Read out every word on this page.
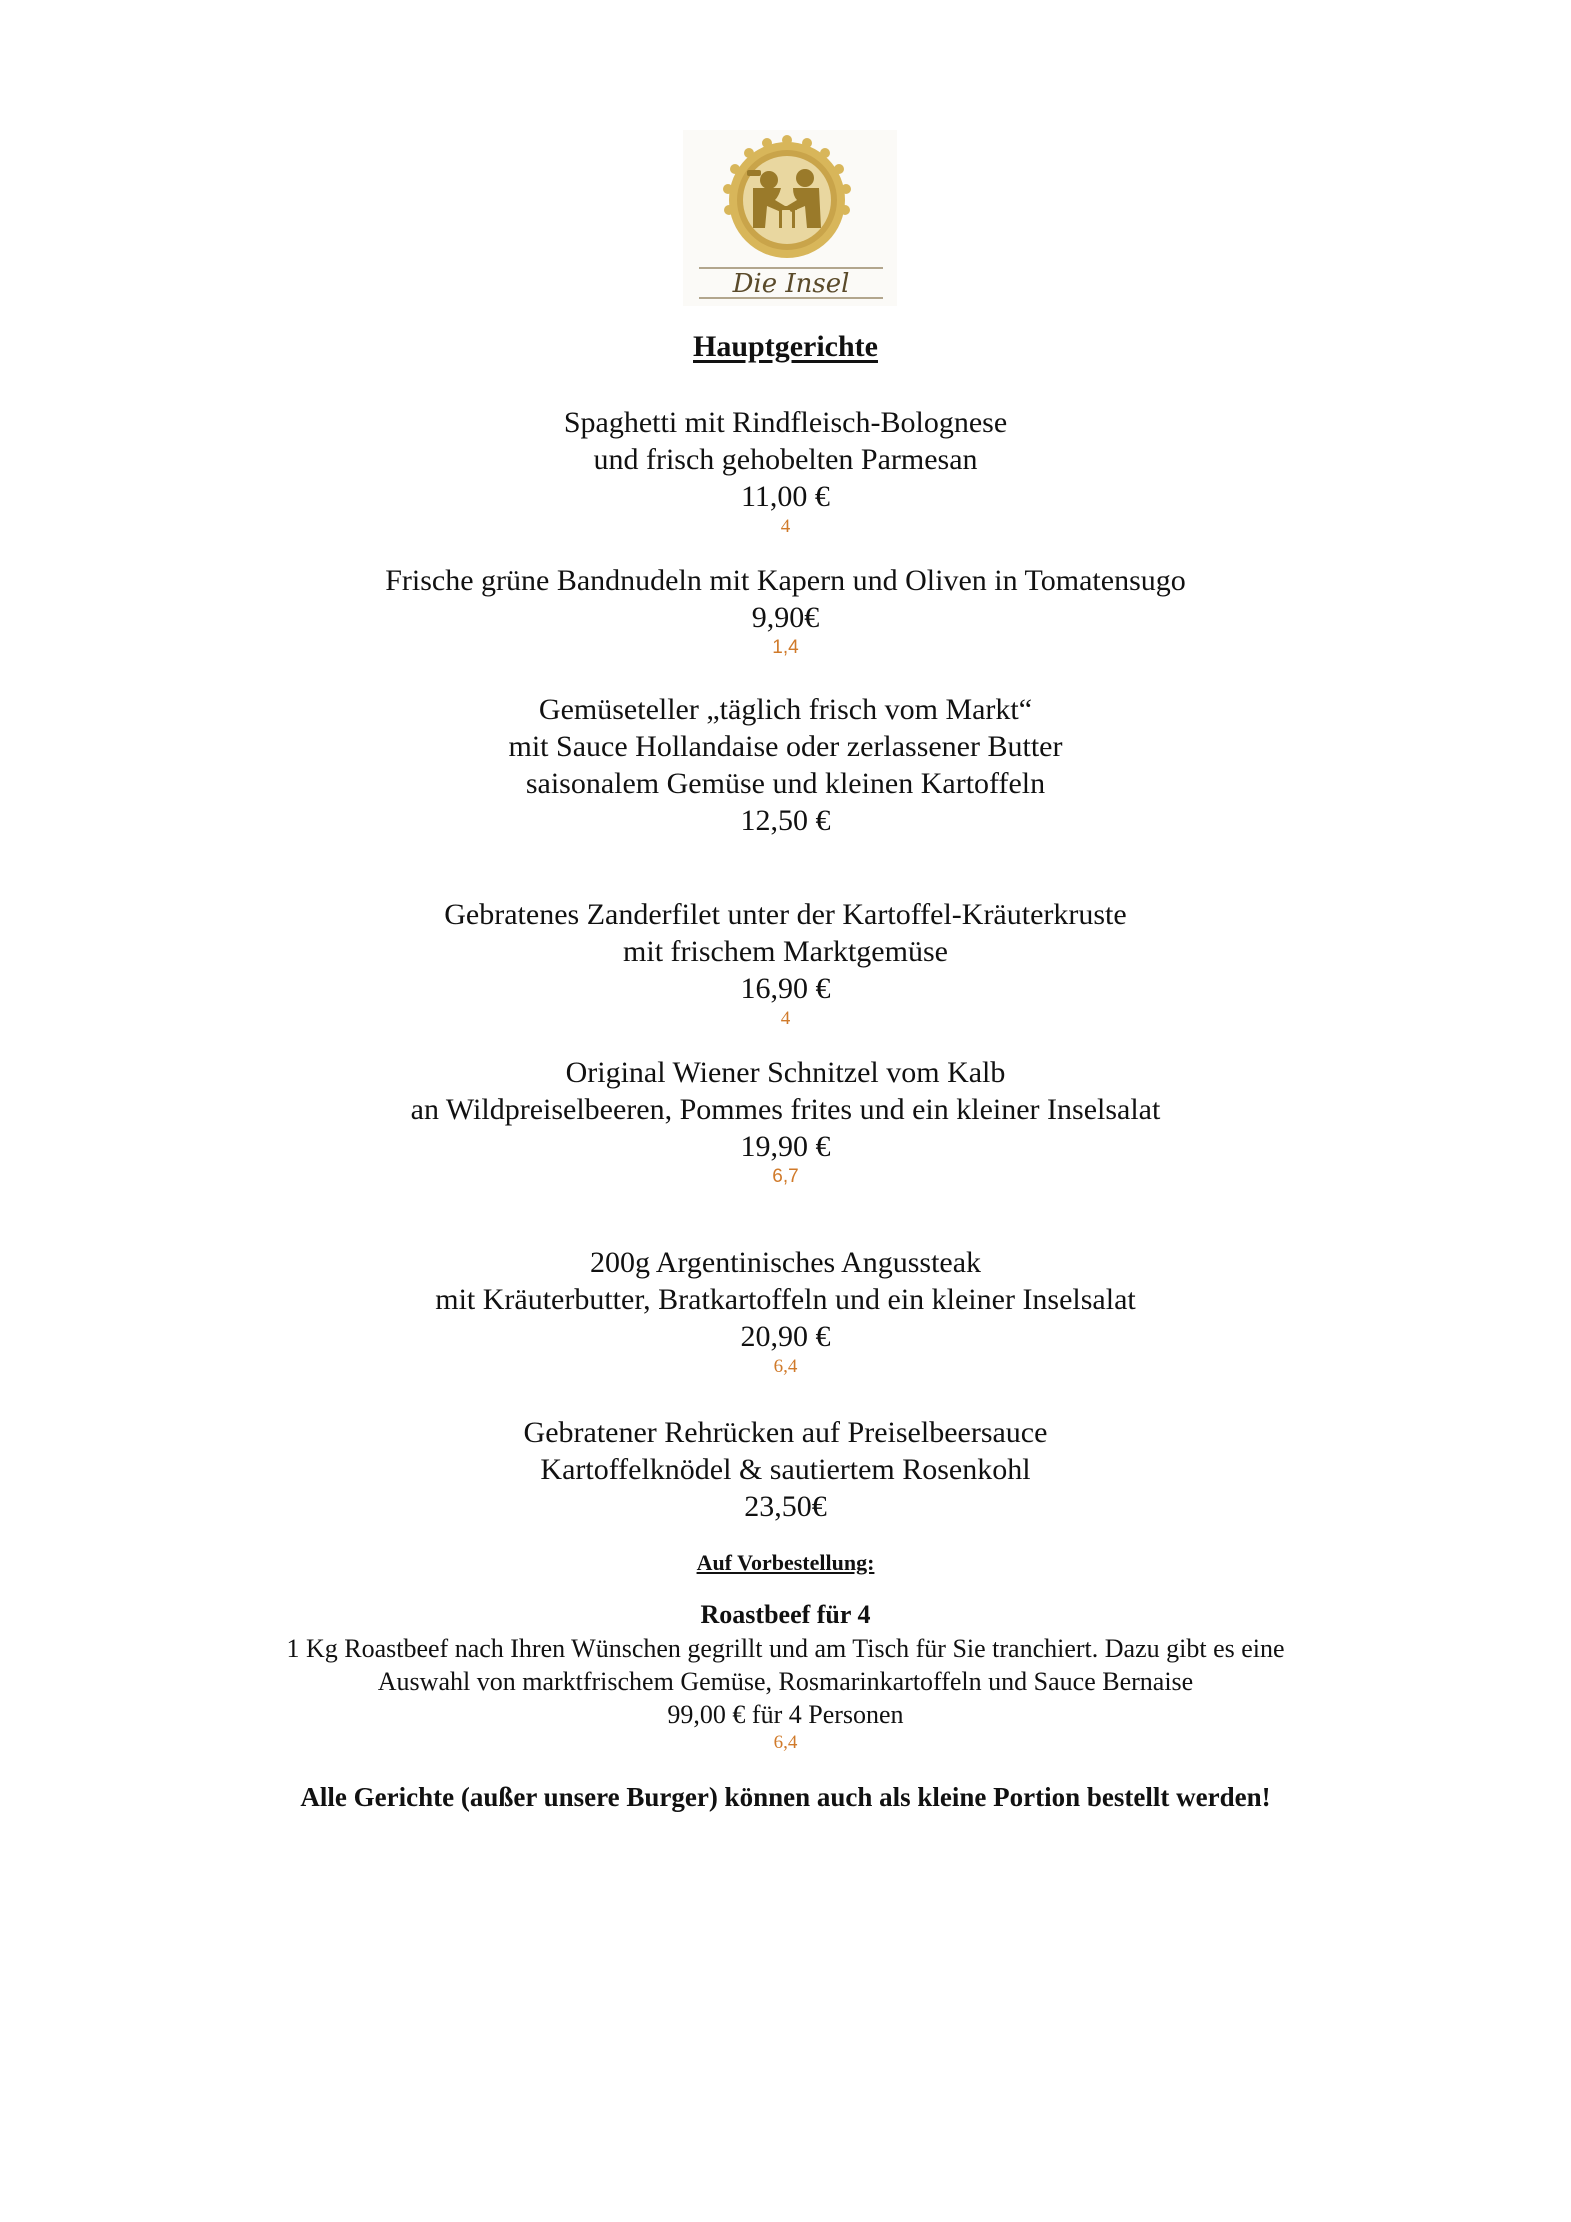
Die Insel
Hauptgerichte
Spaghetti mit Rindfleisch-Bolognese
und frisch gehobelten Parmesan
11,00 €
4
Frische grüne Bandnudeln mit Kapern und Oliven in Tomatensugo
9,90€
1,4
Gemüseteller „täglich frisch vom Markt“
mit Sauce Hollandaise oder zerlassener Butter
saisonalem Gemüse und kleinen Kartoffeln
12,50 €
Gebratenes Zanderfilet unter der Kartoffel-Kräuterkruste
mit frischem Marktgemüse
16,90 €
4
Original Wiener Schnitzel vom Kalb
an Wildpreiselbeeren, Pommes frites und ein kleiner Inselsalat
19,90 €
6,7
200g Argentinisches Angussteak
mit Kräuterbutter, Bratkartoffeln und ein kleiner Inselsalat
20,90 €
6,4
Gebratener Rehrücken auf Preiselbeersauce
Kartoffelknödel & sautiertem Rosenkohl
23,50€
Auf Vorbestellung:
Roastbeef für 4
1 Kg Roastbeef nach Ihren Wünschen gegrillt und am Tisch für Sie tranchiert. Dazu gibt es eine
Auswahl von marktfrischem Gemüse, Rosmarinkartoffeln und Sauce Bernaise
99,00 € für 4 Personen
6,4
Alle Gerichte (außer unsere Burger) können auch als kleine Portion bestellt werden!
